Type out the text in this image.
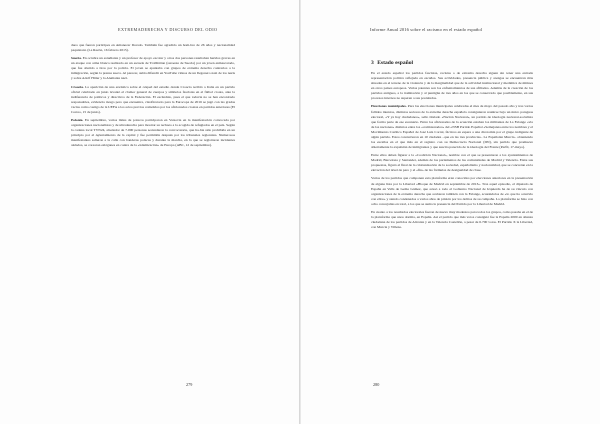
EXTREMADERECHA Y DISCURSO DEL ODIO

duos que fueron partícipes en Amanecer Dorado. También fue agredido un hom-bre de 26 años y nacionalidad paquistaní. (La Razón, 16 febrero 2015).

Suecia. En octubre un estudiante y un profesor de apoyo escolar y otros dos personas resultaban heridos graves en un ataque con arma blanca realizado en un escuela de Trollhättan (suroeste de Suecia) por un joven enmascarado, que fue abatido a tiros por la policía. El joven se apuntaba con grupos de extrema derecha contrarios a la inmigración, según la prensa sueca. Al parecer, subía difundir en YouTube videos de un Ilegonero nazi de los nazis y sobre Adolf Hitler y la Alemania nazi.

Croacia. La aparición de una esvástica sobre el césped del estadio donde Croacia recibió a Italia en un partido oficial celebrado en junio levantó el clamor general de cuerpos y símbolos fascistas en el fútbol croata, ante la indiferencia de políticos y directivos de la Federación. El escándalo, pues el que todavía no se han encontrado responsables, evidencia riesgo pero que encuentra, clasificatorio para la Eurocopa de 2016 se jugó con las gradas vacías como castigo de la UEFA a los actos previos cometidos por los aficionados croatas en partidos anteriores (El Correo, 15 de junio).

Polonia. En septiembre, varios miles de polacos participaron en Varsovia en la manifestación convocada por organizaciones nacionalistas y de ultraderecha para mostrar su rechazo a la acogida de refugiados en el país. Según la cadena local TVN24, alrededor de 7.000 personas secundaron la convocatoria, que ha-bía sido prohibida en un principio por el Ayuntamiento de la capital y fue permitida después por los tribunales regionales. Numerosos manifestantes salieron a la calle con banderas polacas y durante la marcha, en la que se registraron incidentes aislados, se corearon eslóganes en contra de la «islamización» de Europa (ABC, 12 de septiembre).

279
Informe Anual 2016 sobre el racismo en el estado español
3 Estado español

En el estado español los partidos fascistas, racistas o de extrema derecha siguen sin tener una entrada representación política reflejada en escaños. Sus actividades, presencia pública y arengas se encuentran más situadas en el terreno de la violencia y de la marginalidad que de la actividad institucional y mediática de mítines en otros países europeos. Varias patentes son los enfrentamientos de sus afiliados. Además de la creación de los partidos antiguos, a la tramitación y al puntigüe de tres años en los que se conservado que posiblemente, en sus procesos internos no superen a sus postulados.

Elecciones municipales. Para las elecciones municipales celebradas el mes de mayo del pasado año y tras varios fallidos intentos, distintos sectores de la extrema derecha española consiguieron reunirse bajo un único paraguas electoral, «Y ya hay ciudadanos», sello titulado «Nación Nacional», un partido de ideología nacional-socialista que forma parte de ese escenario. Entre los aficionados de la ecuación estaban los militantes de La Falange «vía de las naciones» distintos entre los «comisionados» del «NSB Partido Español «Semejanza entre los nombres y el Movimiento Católico Español de José Luis Corral, fácticos en espera a una dicotomía por el grupo indigente de algún partido. Estos concurrieron en 10 ciudades –que en las tres provincias– La Españolan Murcia– obteniendo los escaños en el que más en el registro con su Democracia Nacional (DN), sin partido que promueve abiertamente la expulsión de inmigrantes y que suscita parecido de la ideología del Frente (Perfil, 17-mayo).

Entre ellos deben figurar a la «Coalición Nacional», nombre con el que se presentaron a los ayuntamientos de Madrid, Barcelona y Santander, además de los parlamentos de las comunidades de Madrid y Valencia. Entre sus propuestas, figuró el final de la cristianización de la sociedad, españolismo y nacionalidad, que se concretan en la elevación del nivel de paro y el «fin» de las fórmulas de desigualdad de clase.

Varios de los partidos que componen esta plataforma eran conocidos por elecciones anteriores en la presentación de alguna lista por la Libertad «Bloque de Madrid en septiembre de 2013». Tras aquel episodio, el diputado de España en Valls de Gema Gómez, que acusó a todo el Gobierno Nacional de Izquierda ha de su vínculo con organizaciones de la extrema derecha que acabaron también con la Falange, acusándolos de «lo que ha ocurrido con ellos» y siendo condenados a varios años de prisión por los delitos de su campaña. La plataforma se hizo con ocho concejalías en total, a los que se suma la presencia del Partido por la Libertad de Madrid.

En cuanto a los resultados electorales fueron de nuevo muy modestos para todos los grupos, como pasaba en el de la plataforma que unos dormía, en España. Así el partido que más votos consiguió fue la España 2000 en alianza ciudadana de los partidos de Alicante y en la Valencia Castellón, a pesar de 6.700 votos. El Partido X la Libertad, con Murcia y Villena.

280
